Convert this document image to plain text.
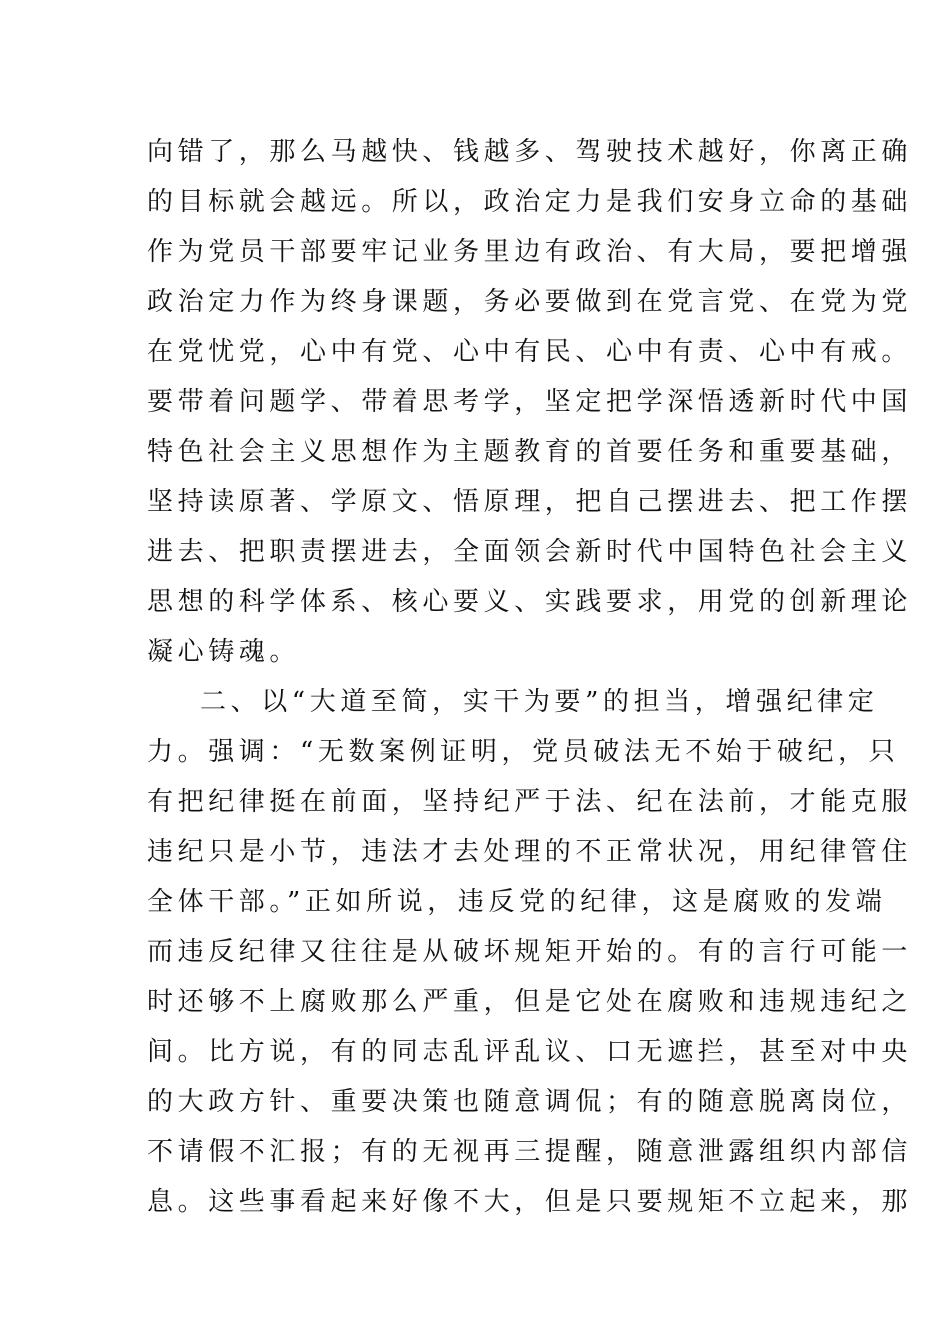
向错了，那么马越快、钱越多、驾驶技术越好，你离正确
的目标就会越远。所以，政治定力是我们安身立命的基础
作为党员干部要牢记业务里边有政治、有大局，要把增强
政治定力作为终身课题，务必要做到在党言党、在党为党
在党忧党，心中有党、心中有民、心中有责、心中有戒。
要带着问题学、带着思考学，坚定把学深悟透新时代中国
特色社会主义思想作为主题教育的首要任务和重要基础，
坚持读原著、学原文、悟原理，把自己摆进去、把工作摆
进去、把职责摆进去，全面领会新时代中国特色社会主义
思想的科学体系、核心要义、实践要求，用党的创新理论
凝心铸魂。
二、以“大道至简，实干为要”的担当，增强纪律定
力。强调：“无数案例证明，党员破法无不始于破纪，只
有把纪律挺在前面，坚持纪严于法、纪在法前，才能克服
违纪只是小节，违法才去处理的不正常状况，用纪律管住
全体干部。”正如所说，违反党的纪律，这是腐败的发端
而违反纪律又往往是从破坏规矩开始的。有的言行可能一
时还够不上腐败那么严重，但是它处在腐败和违规违纪之
间。比方说，有的同志乱评乱议、口无遮拦，甚至对中央
的大政方针、重要决策也随意调侃；有的随意脱离岗位，
不请假不汇报；有的无视再三提醒，随意泄露组织内部信
息。这些事看起来好像不大，但是只要规矩不立起来，那
